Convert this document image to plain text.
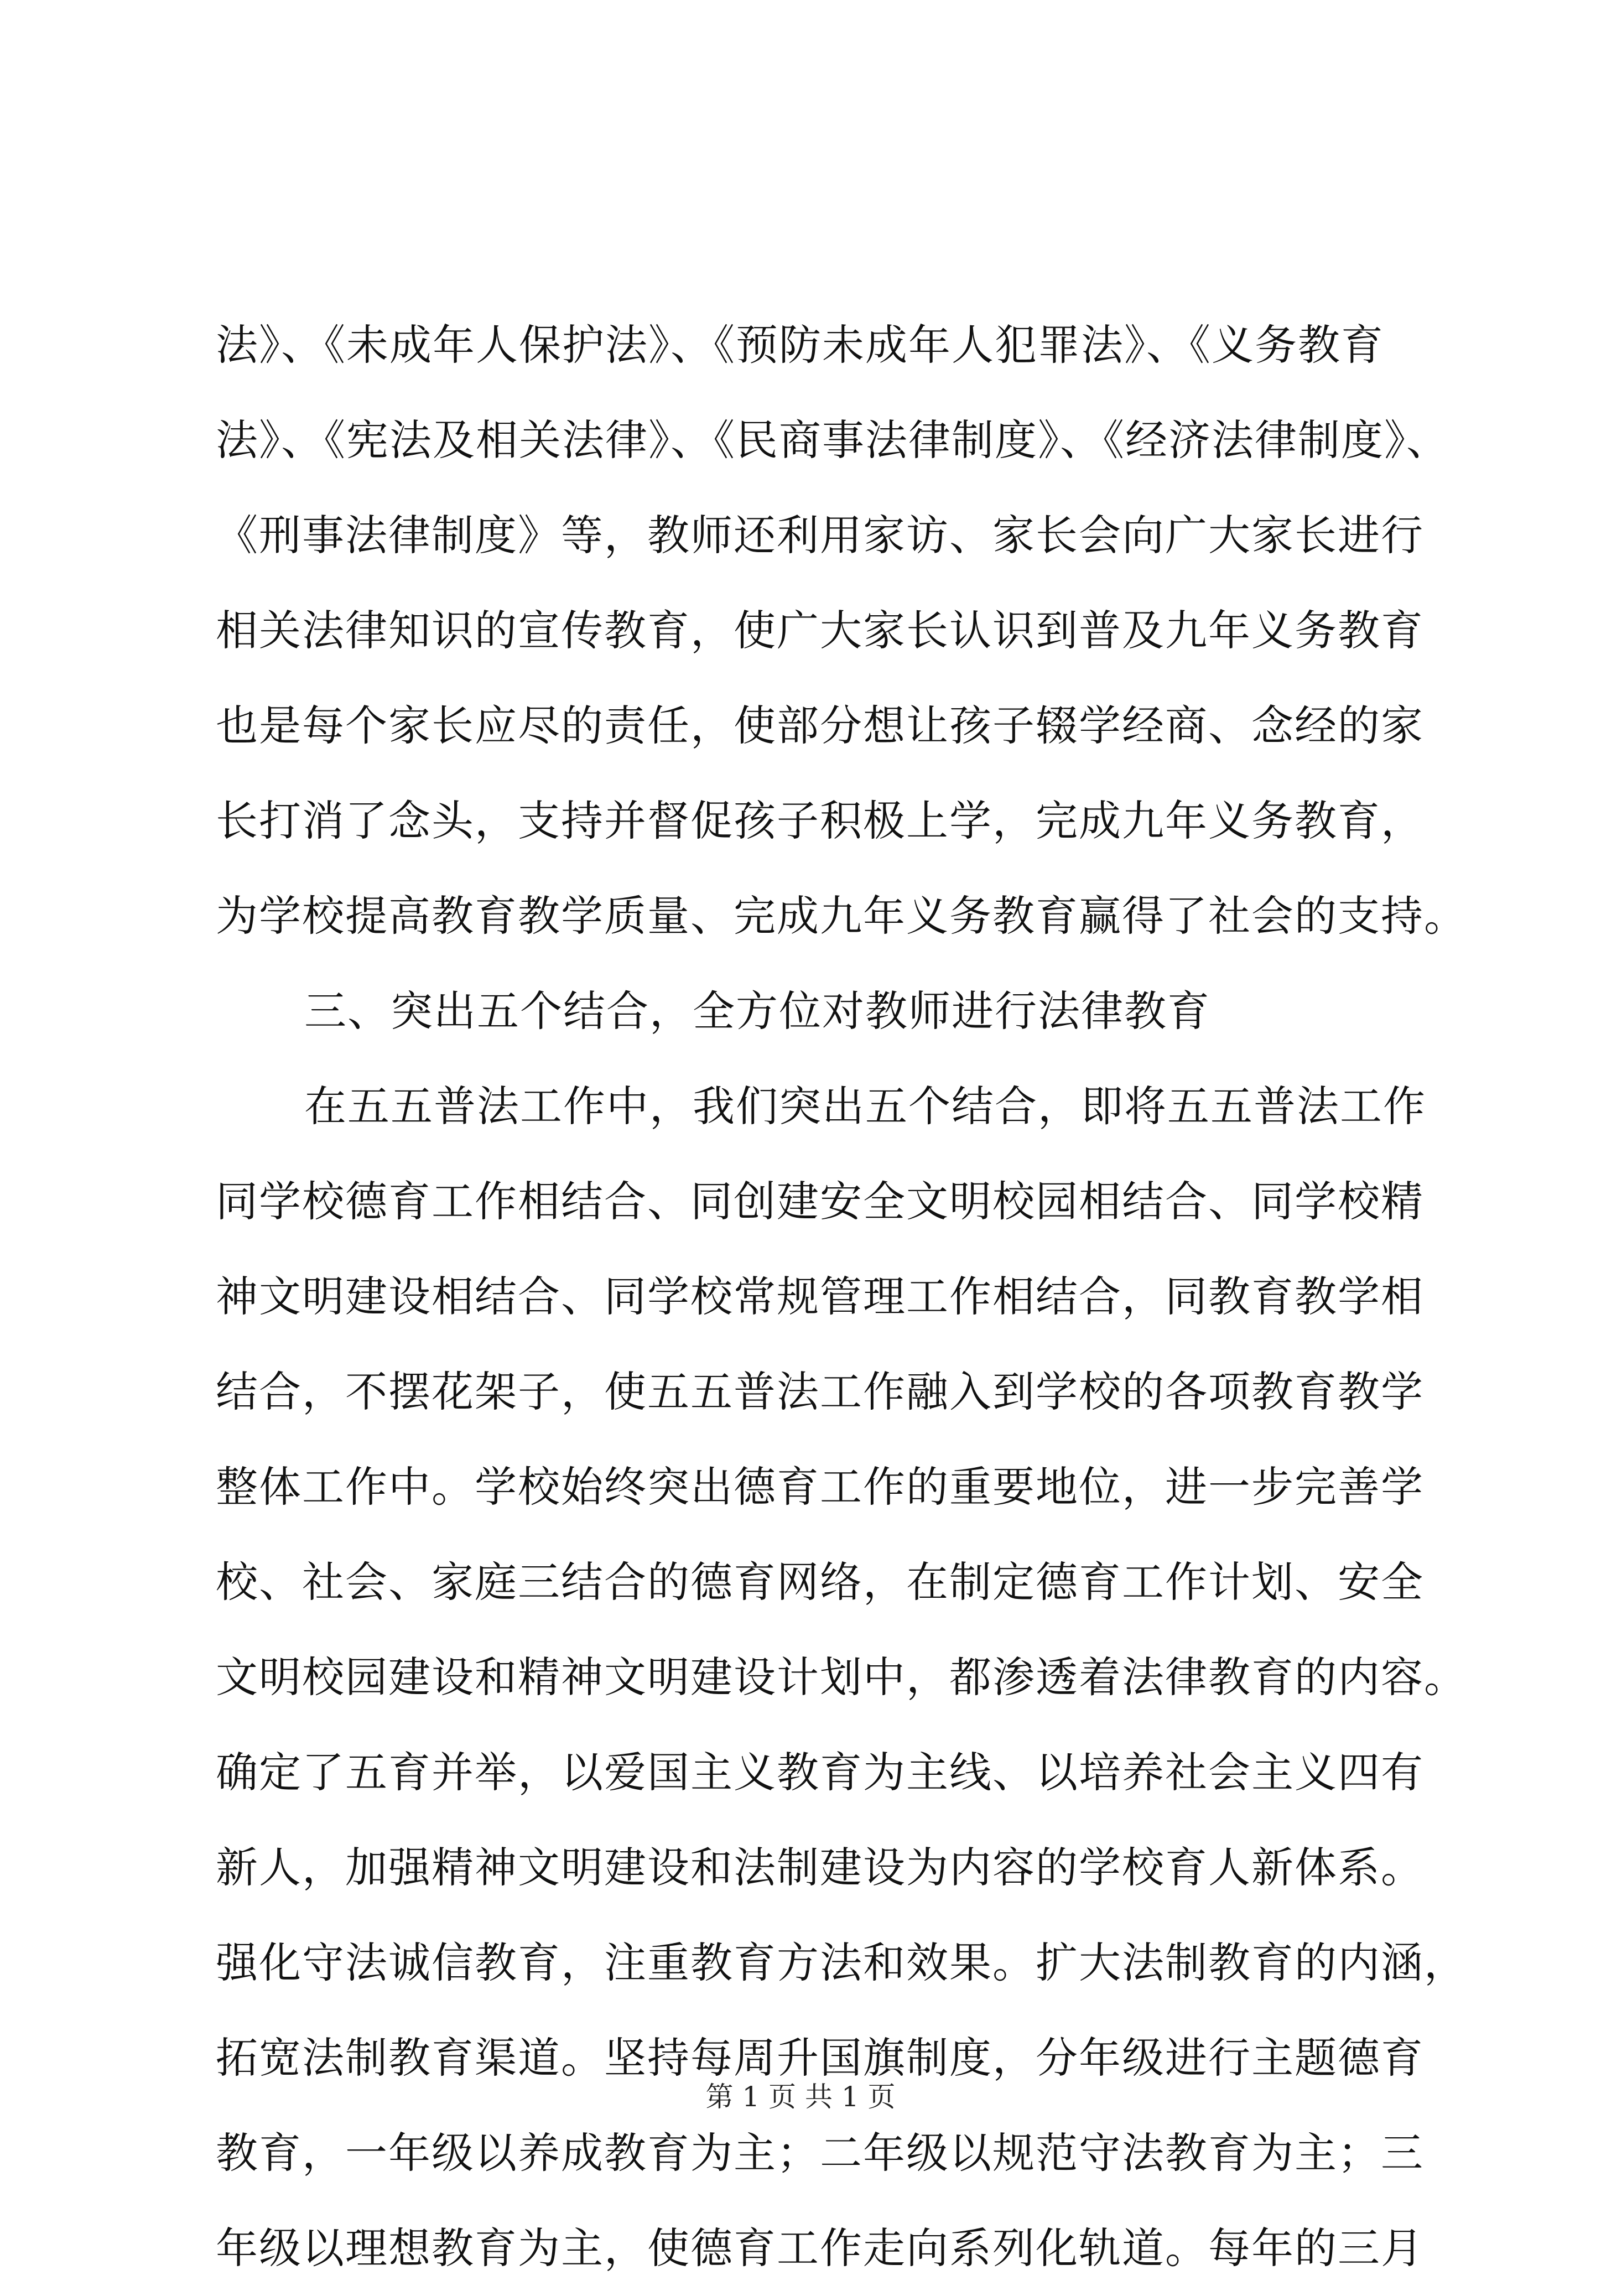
法》、《未成年人保护法》、《预防未成年人犯罪法》、《义务教育
法》、《宪法及相关法律》、《民商事法律制度》、《经济法律制度》、
《刑事法律制度》等，教师还利用家访、家长会向广大家长进行
相关法律知识的宣传教育，使广大家长认识到普及九年义务教育
也是每个家长应尽的责任，使部分想让孩子辍学经商、念经的家
长打消了念头，支持并督促孩子积极上学，完成九年义务教育，
为学校提高教育教学质量、完成九年义务教育赢得了社会的支持。
三、突出五个结合，全方位对教师进行法律教育
在五五普法工作中，我们突出五个结合，即将五五普法工作
同学校德育工作相结合、同创建安全文明校园相结合、同学校精
神文明建设相结合、同学校常规管理工作相结合，同教育教学相
结合，不摆花架子，使五五普法工作融入到学校的各项教育教学
整体工作中。学校始终突出德育工作的重要地位，进一步完善学
校、社会、家庭三结合的德育网络，在制定德育工作计划、安全
文明校园建设和精神文明建设计划中，都渗透着法律教育的内容。
确定了五育并举，以爱国主义教育为主线、以培养社会主义四有
新人，加强精神文明建设和法制建设为内容的学校育人新体系。
强化守法诚信教育，注重教育方法和效果。扩大法制教育的内涵，
拓宽法制教育渠道。坚持每周升国旗制度，分年级进行主题德育
教育，一年级以养成教育为主；二年级以规范守法教育为主；三
年级以理想教育为主，使德育工作走向系列化轨道。每年的三月
第 1 页 共 1 页
